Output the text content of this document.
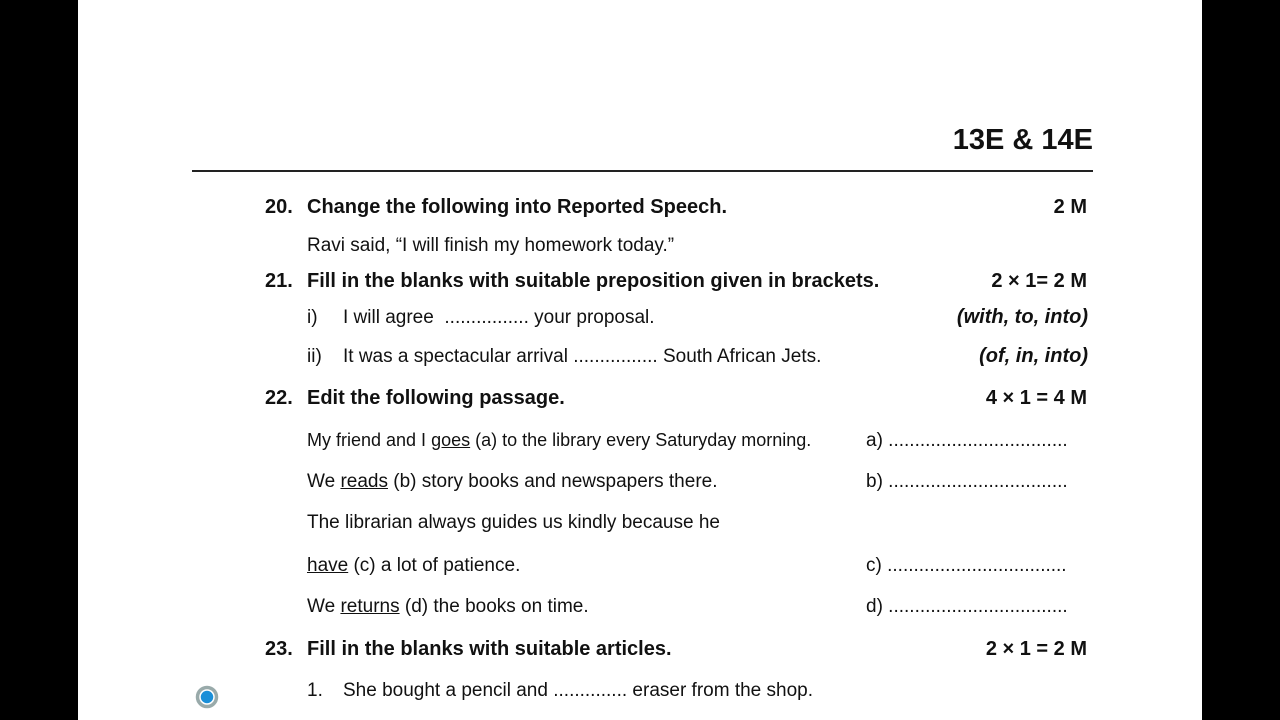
13E & 14E
20. Change the following into Reported Speech.	2 M
Ravi said, “I will finish my homework today.”
21. Fill in the blanks with suitable preposition given in brackets.	2 × 1= 2 M
i) I will agree ................ your proposal.	(with, to, into)
ii) It was a spectacular arrival ................ South African Jets.	(of, in, into)
22. Edit the following passage.	4 × 1 = 4 M
My friend and I goes (a) to the library every Saturyday morning.	a) ..................................
We reads (b) story books and newspapers there.	b) ..................................
The librarian always guides us kindly because he
have (c) a lot of patience.	c) ..................................
We returns (d) the books on time.	d) ..................................
23. Fill in the blanks with suitable articles.	2 × 1 = 2 M
1. She bought a pencil and .............. eraser from the shop.
RECORDED WITH
SCREENCAST MATIC
